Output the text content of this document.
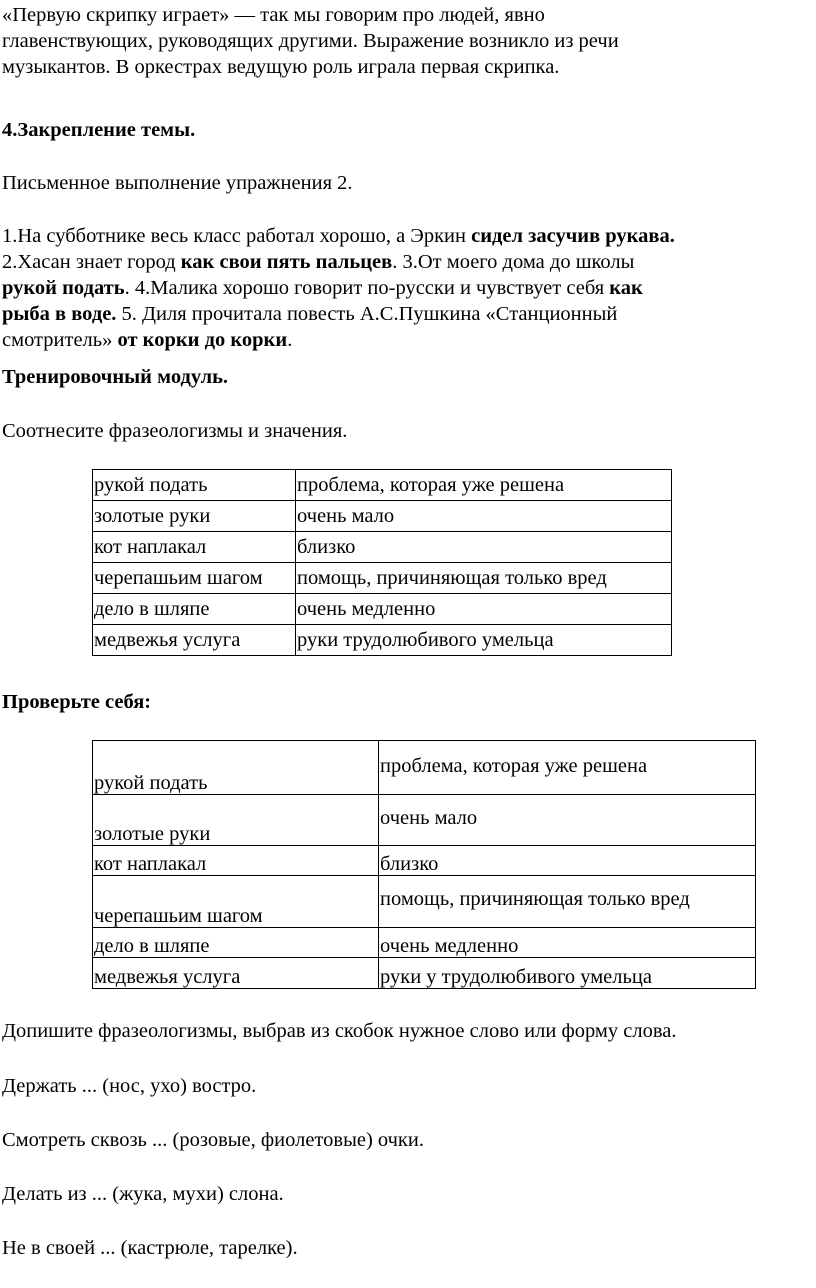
«Первую скрипку играет» — так мы говорим про людей, явно

главенствующих, руководящих другими. Выражение возникло из речи

музыкантов. В оркестрах ведущую роль играла первая скрипка.

4.Закрепление темы.

Письменное выполнение упражнения 2.

1.На субботнике весь класс работал хорошо, а Эркин сидел засучив рукава.

2.Хасан знает город как свои пять пальцев. 3.От моего дома до школы

рукой подать. 4.Малика хорошо говорит по-русски и чувствует себя как

рыба в воде. 5. Диля прочитала повесть А.С.Пушкина «Станционный

смотритель» от корки до корки.

Тренировочный модуль.

Соотнесите фразеологизмы и значения.

рукой подать	проблема, которая уже решена
золотые руки	очень мало
кот наплакал	близко
черепашьим шагом	помощь, причиняющая только вред
дело в шляпе	очень медленно
медвежья услуга	руки трудолюбивого умельца

Проверьте себя:

рукой подать	проблема, которая уже решена
золотые руки	очень мало
кот наплакал	близко
черепашьим шагом	помощь, причиняющая только вред
дело в шляпе	очень медленно
медвежья услуга	руки у трудолюбивого умельца

Допишите фразеологизмы, выбрав из скобок нужное слово или форму слова.

Держать ... (нос, ухо) востро.

Смотреть сквозь ... (розовые, фиолетовые) очки.

Делать из ... (жука, мухи) слона.

Не в своей ... (кастрюле, тарелке).
